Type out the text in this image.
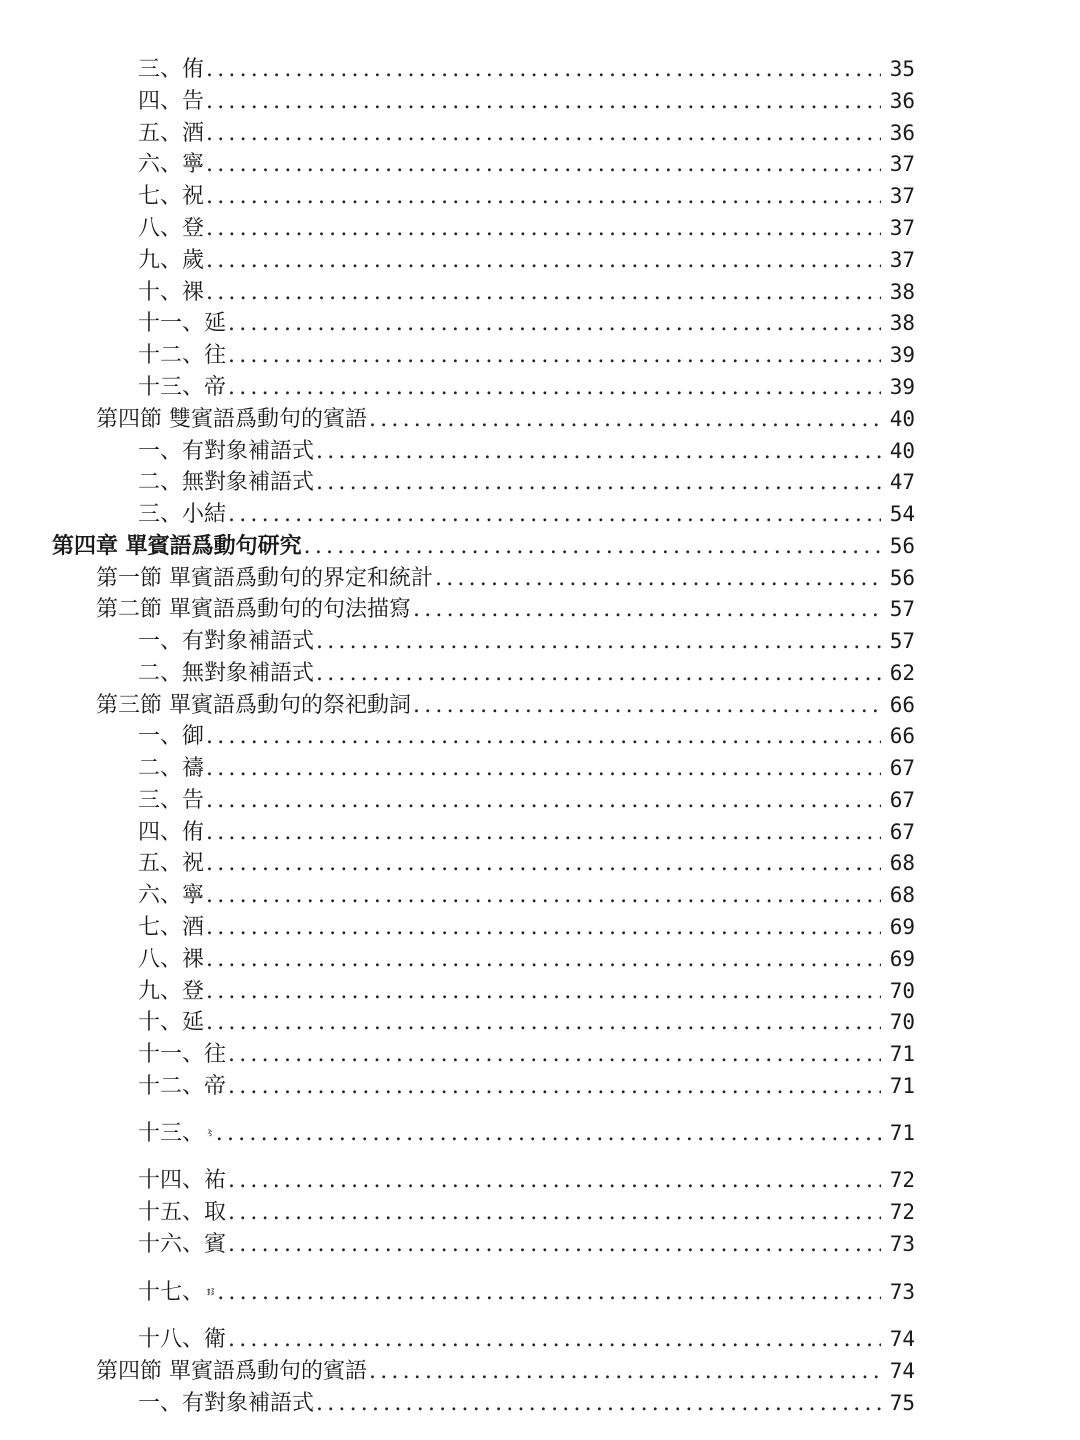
三、侑 .....	35
四、告 .....	36
五、酒 .....	36
六、寧 .....	37
七、祝 .....	37
八、登 .....	37
九、歲 .....	37
十、祼 .....	38
十一、延 .....	38
十二、往 .....	39
十三、帝 .....	39
第四節 雙賓語爲動句的賓語 .....	40
一、有對象補語式 .....	40
二、無對象補語式 .....	47
三、小結 .....	54
第四章 單賓語爲動句研究 .....	56
第一節 單賓語爲動句的界定和統計 .....	56
第二節 單賓語爲動句的句法描寫 .....	57
一、有對象補語式 .....	57
二、無對象補語式 .....	62
第三節 單賓語爲動句的祭祀動詞 .....	66
一、御 .....	66
二、禱 .....	67
三、告 .....	67
四、侑 .....	67
五、祝 .....	68
六、寧 .....	68
七、酒 .....	69
八、祼 .....	69
九、登 .....	70
十、延 .....	70
十一、往 .....	71
十二、帝 .....	71
十三、 .....	71
十四、祐 .....	72
十五、取 .....	72
十六、賓 .....	73
十七、 .....	73
十八、衛 .....	74
第四節 單賓語爲動句的賓語 .....	74
一、有對象補語式 .....	75
